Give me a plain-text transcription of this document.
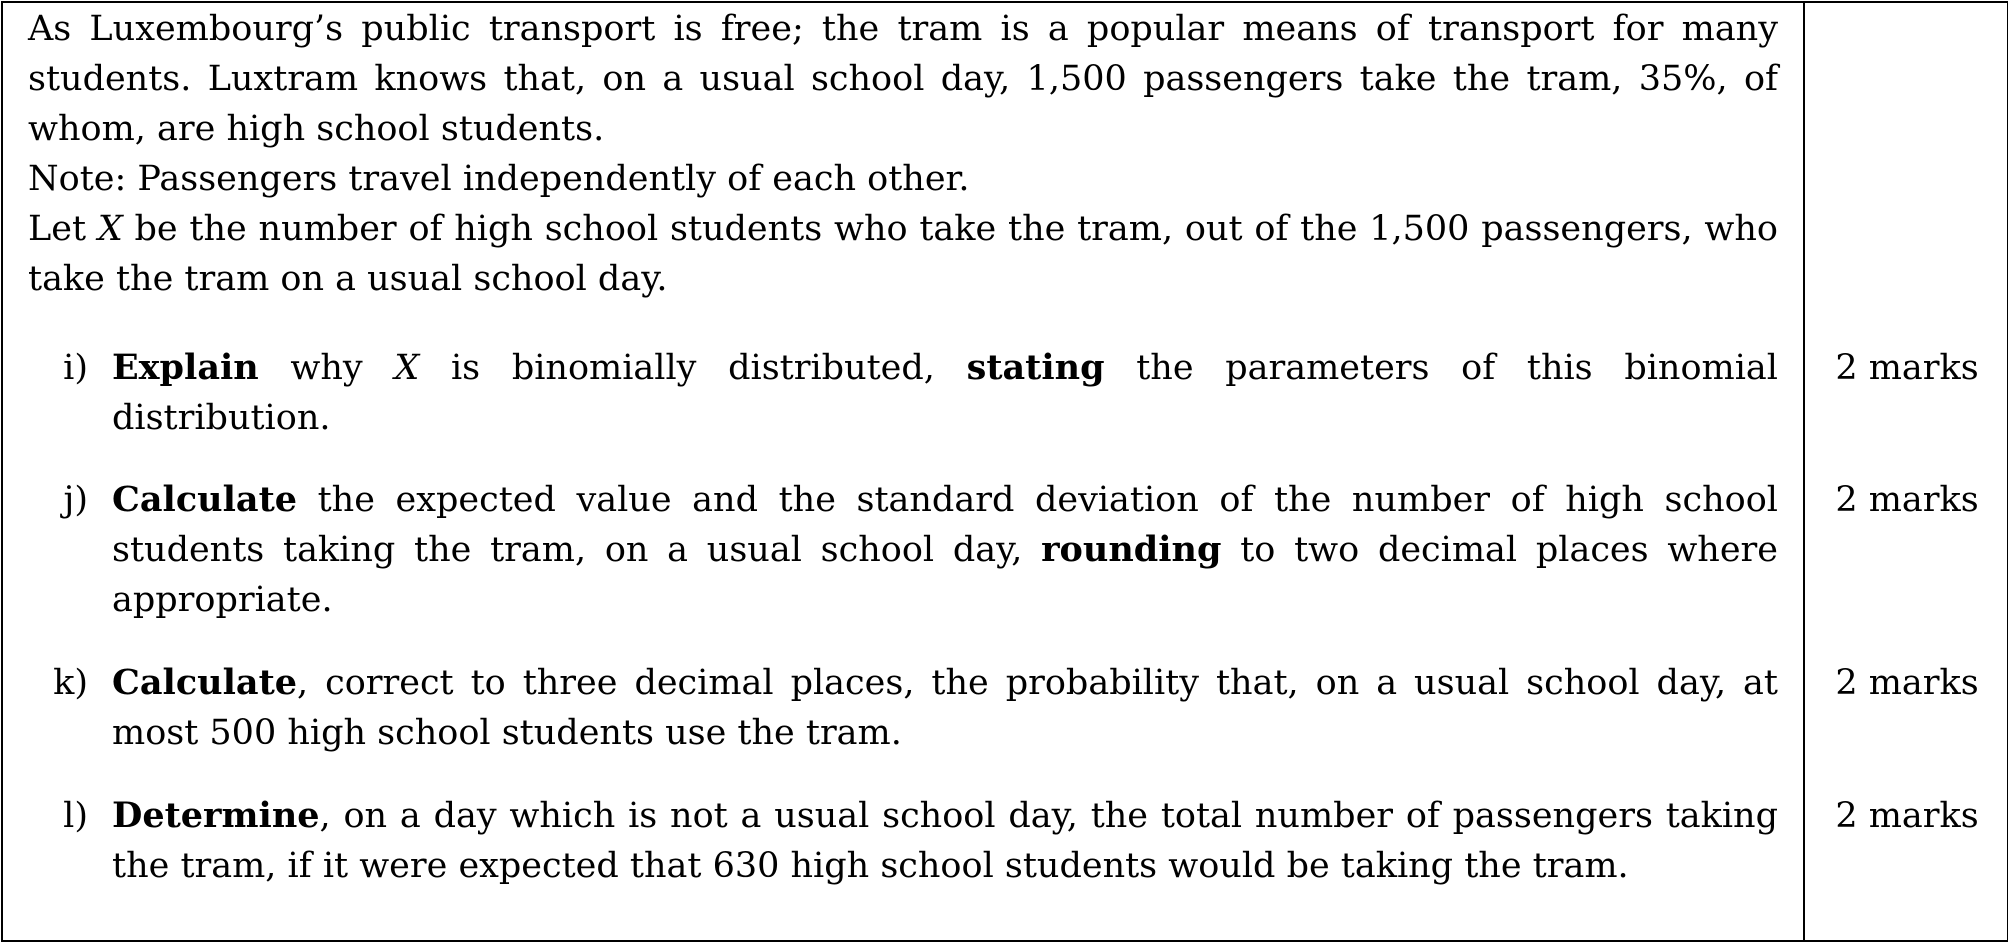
As Luxembourg’s public transport is free; the tram is a popular means of transport for many students. Luxtram knows that, on a usual school day, 1,500 passengers take the tram, 35%, of whom, are high school students.

Note: Passengers travel independently of each other.

Let X be the number of high school students who take the tram, out of the 1,500 passengers, who take the tram on a usual school day.

i) Explain why X is binomially distributed, stating the parameters of this binomial distribution.
j) Calculate the expected value and the standard deviation of the number of high school students taking the tram, on a usual school day, rounding to two decimal places where appropriate.
k) Calculate, correct to three decimal places, the probability that, on a usual school day, at most 500 high school students use the tram.
l) Determine, on a day which is not a usual school day, the total number of passengers taking the tram, if it were expected that 630 high school students would be taking the tram.
2 marks
2 marks
2 marks
2 marks
